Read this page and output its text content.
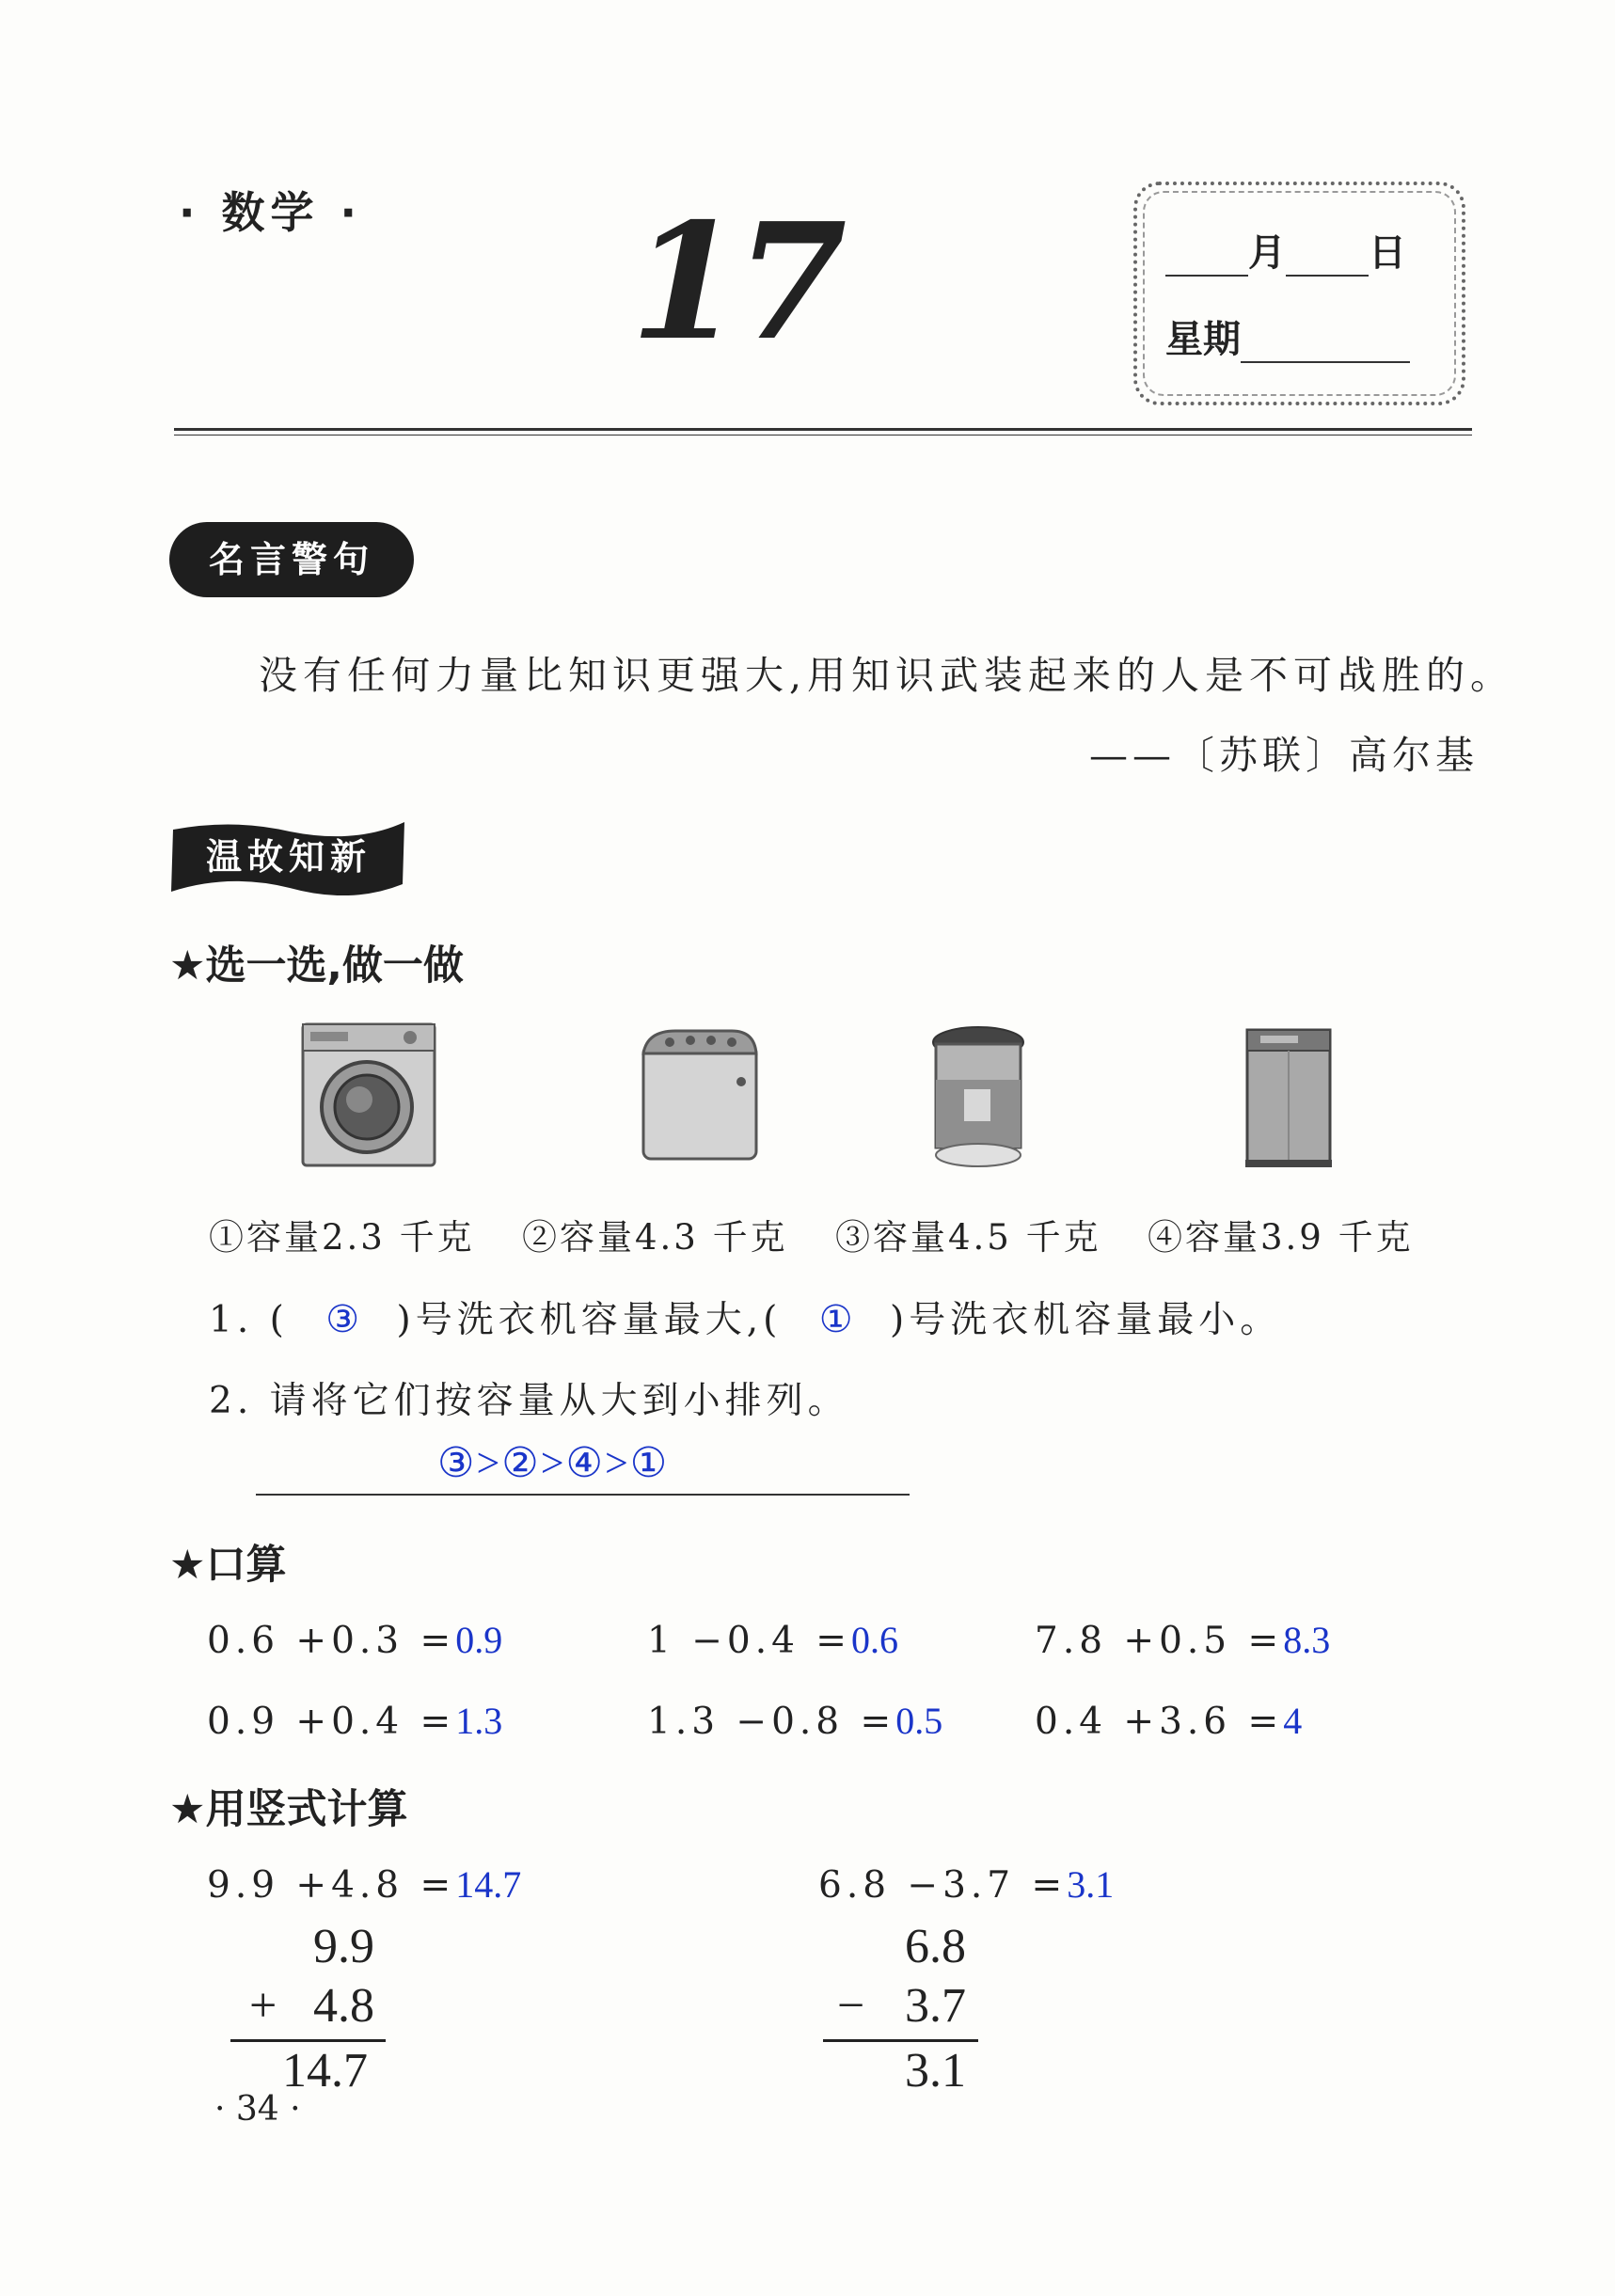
· 数学 · 17	月 日
星期
名言警句
没有任何力量比知识更强大,用知识武装起来的人是不可战胜的。
——〔苏联〕高尔基
温故知新
★选一选,做一做
①容量2.3 千克 ②容量4.3 千克 ③容量4.5 千克 ④容量3.9 千克
1. ( ③ )号洗衣机容量最大,( ① )号洗衣机容量最小。
2. 请将它们按容量从大到小排列。
③>②>④>①
★口算
0.6 +0.3 =0.9	1 −0.4 =0.6	7.8 +0.5 =8.3
0.9 +0.4 =1.3	1.3 −0.8 =0.5	0.4 +3.6 =4
★用竖式计算
9.9 +4.8 =14.7	6.8 −3.7 =3.1
9.9
+ 4.8
14.7
6.8
− 3.7
3.1
· 34 ·
